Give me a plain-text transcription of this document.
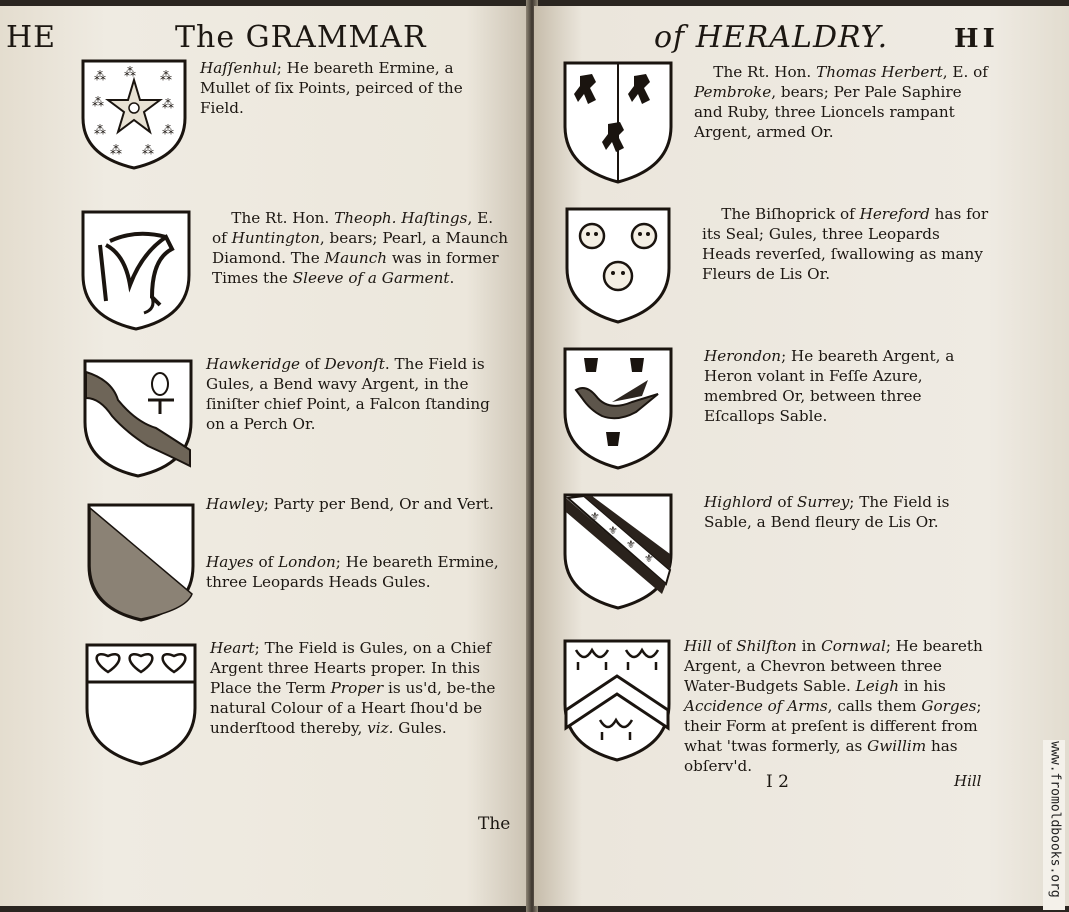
HE	The GRAMMAR
⁂ ⁂ ⁂
⁂	⁂
⁂	⁂
⁂ ⁂
Haſſenhul; He beareth Ermine, a Mullet of ſix Points, peirced of the Field.
The Rt. Hon. Theoph. Haſtings, E. of Huntington, bears; Pearl, a Maunch Diamond. The Maunch was in former Times the Sleeve of a Garment.
Hawkeridge of Devonſt. The Field is Gules, a Bend wavy Argent, in the ſiniſter chief Point, a Falcon ſtanding on a Perch Or.
Hawley; Party per Bend, Or and Vert.
Hayes of London; He beareth Ermine, three Leopards Heads Gules.
Heart; The Field is Gules, on a Chief Argent three Hearts proper. In this Place the Term Proper is us'd, be-the natural Colour of a Heart ſhou'd be underſtood thereby, viz. Gules.

The
of HERALDRY.	HI
The Rt. Hon. Thomas Herbert, E. of Pembroke, bears; Per Pale Saphire and Ruby, three Lioncels rampant Argent, armed Or.
The Biſhoprick of Hereford has for its Seal; Gules, three Leopards Heads reverſed, ſwallowing as many Fleurs de Lis Or.
Herondon; He beareth Argent, a Heron volant in Feſſe Azure, membred Or, between three Eſcallops Sable.
⚜
⚜
⚜
⚜
Highlord of Surrey; The Field is Sable, a Bend fleury de Lis Or.
Hill of Shilſton in Cornwal; He beareth Argent, a Chevron between three Water-Budgets Sable. Leigh in his Accidence of Arms, calls them Gorges; their Form at preſent is different from what 'twas formerly, as Gwillim has obſerv'd.
I 2	Hill	www.fromoldbooks.org
